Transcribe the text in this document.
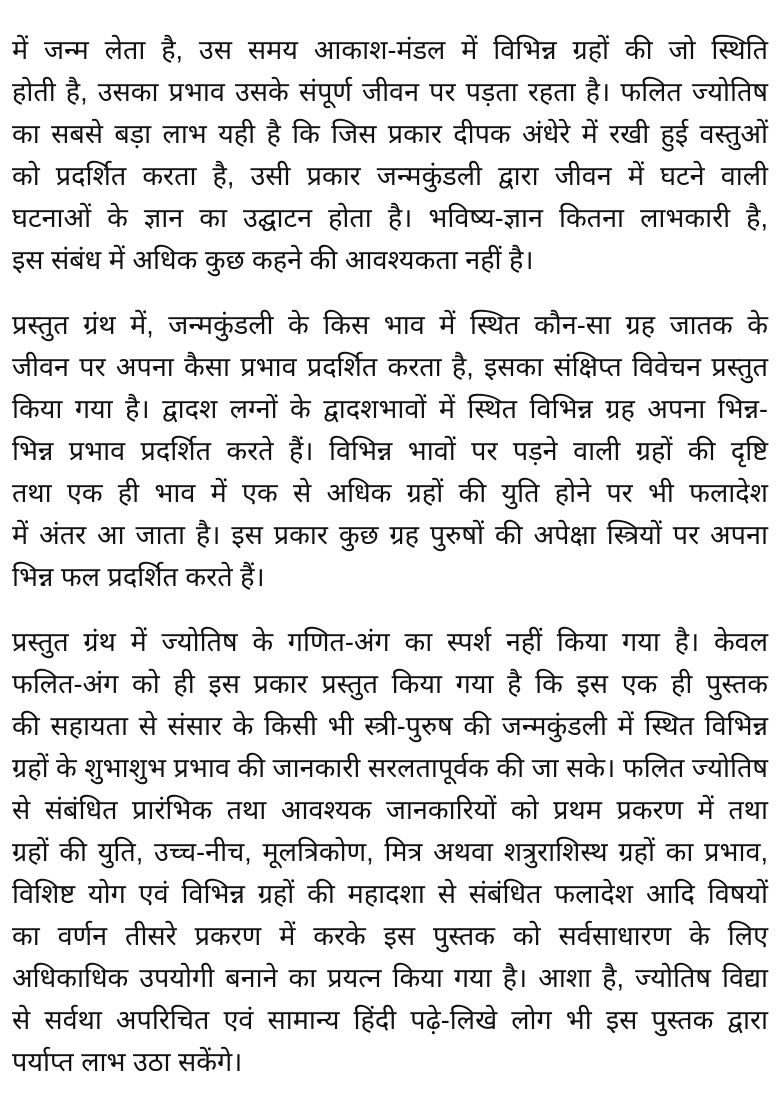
में जन्म लेता है, उस समय आकाश-मंडल में विभिन्न ग्रहों की जो स्थिति
होती है, उसका प्रभाव उसके संपूर्ण जीवन पर पड़ता रहता है। फलित ज्योतिष
का सबसे बड़ा लाभ यही है कि जिस प्रकार दीपक अंधेरे में रखी हुई वस्तुओं
को प्रदर्शित करता है, उसी प्रकार जन्मकुंडली द्वारा जीवन में घटने वाली
घटनाओं के ज्ञान का उद्घाटन होता है। भविष्य-ज्ञान कितना लाभकारी है,
इस संबंध में अधिक कुछ कहने की आवश्यकता नहीं है।
प्रस्तुत ग्रंथ में, जन्मकुंडली के किस भाव में स्थित कौन-सा ग्रह जातक के
जीवन पर अपना कैसा प्रभाव प्रदर्शित करता है, इसका संक्षिप्त विवेचन प्रस्तुत
किया गया है। द्वादश लग्नों के द्वादशभावों में स्थित विभिन्न ग्रह अपना भिन्न-
भिन्न प्रभाव प्रदर्शित करते हैं। विभिन्न भावों पर पड़ने वाली ग्रहों की दृष्टि
तथा एक ही भाव में एक से अधिक ग्रहों की युति होने पर भी फलादेश
में अंतर आ जाता है। इस प्रकार कुछ ग्रह पुरुषों की अपेक्षा स्त्रियों पर अपना
भिन्न फल प्रदर्शित करते हैं।
प्रस्तुत ग्रंथ में ज्योतिष के गणित-अंग का स्पर्श नहीं किया गया है। केवल
फलित-अंग को ही इस प्रकार प्रस्तुत किया गया है कि इस एक ही पुस्तक
की सहायता से संसार के किसी भी स्त्री-पुरुष की जन्मकुंडली में स्थित विभिन्न
ग्रहों के शुभाशुभ प्रभाव की जानकारी सरलतापूर्वक की जा सके। फलित ज्योतिष
से संबंधित प्रारंभिक तथा आवश्यक जानकारियों को प्रथम प्रकरण में तथा
ग्रहों की युति, उच्च-नीच, मूलत्रिकोण, मित्र अथवा शत्रुराशिस्थ ग्रहों का प्रभाव,
विशिष्ट योग एवं विभिन्न ग्रहों की महादशा से संबंधित फलादेश आदि विषयों
का वर्णन तीसरे प्रकरण में करके इस पुस्तक को सर्वसाधारण के लिए
अधिकाधिक उपयोगी बनाने का प्रयत्न किया गया है। आशा है, ज्योतिष विद्या
से सर्वथा अपरिचित एवं सामान्य हिंदी पढ़े-लिखे लोग भी इस पुस्तक द्वारा
पर्याप्त लाभ उठा सकेंगे।
